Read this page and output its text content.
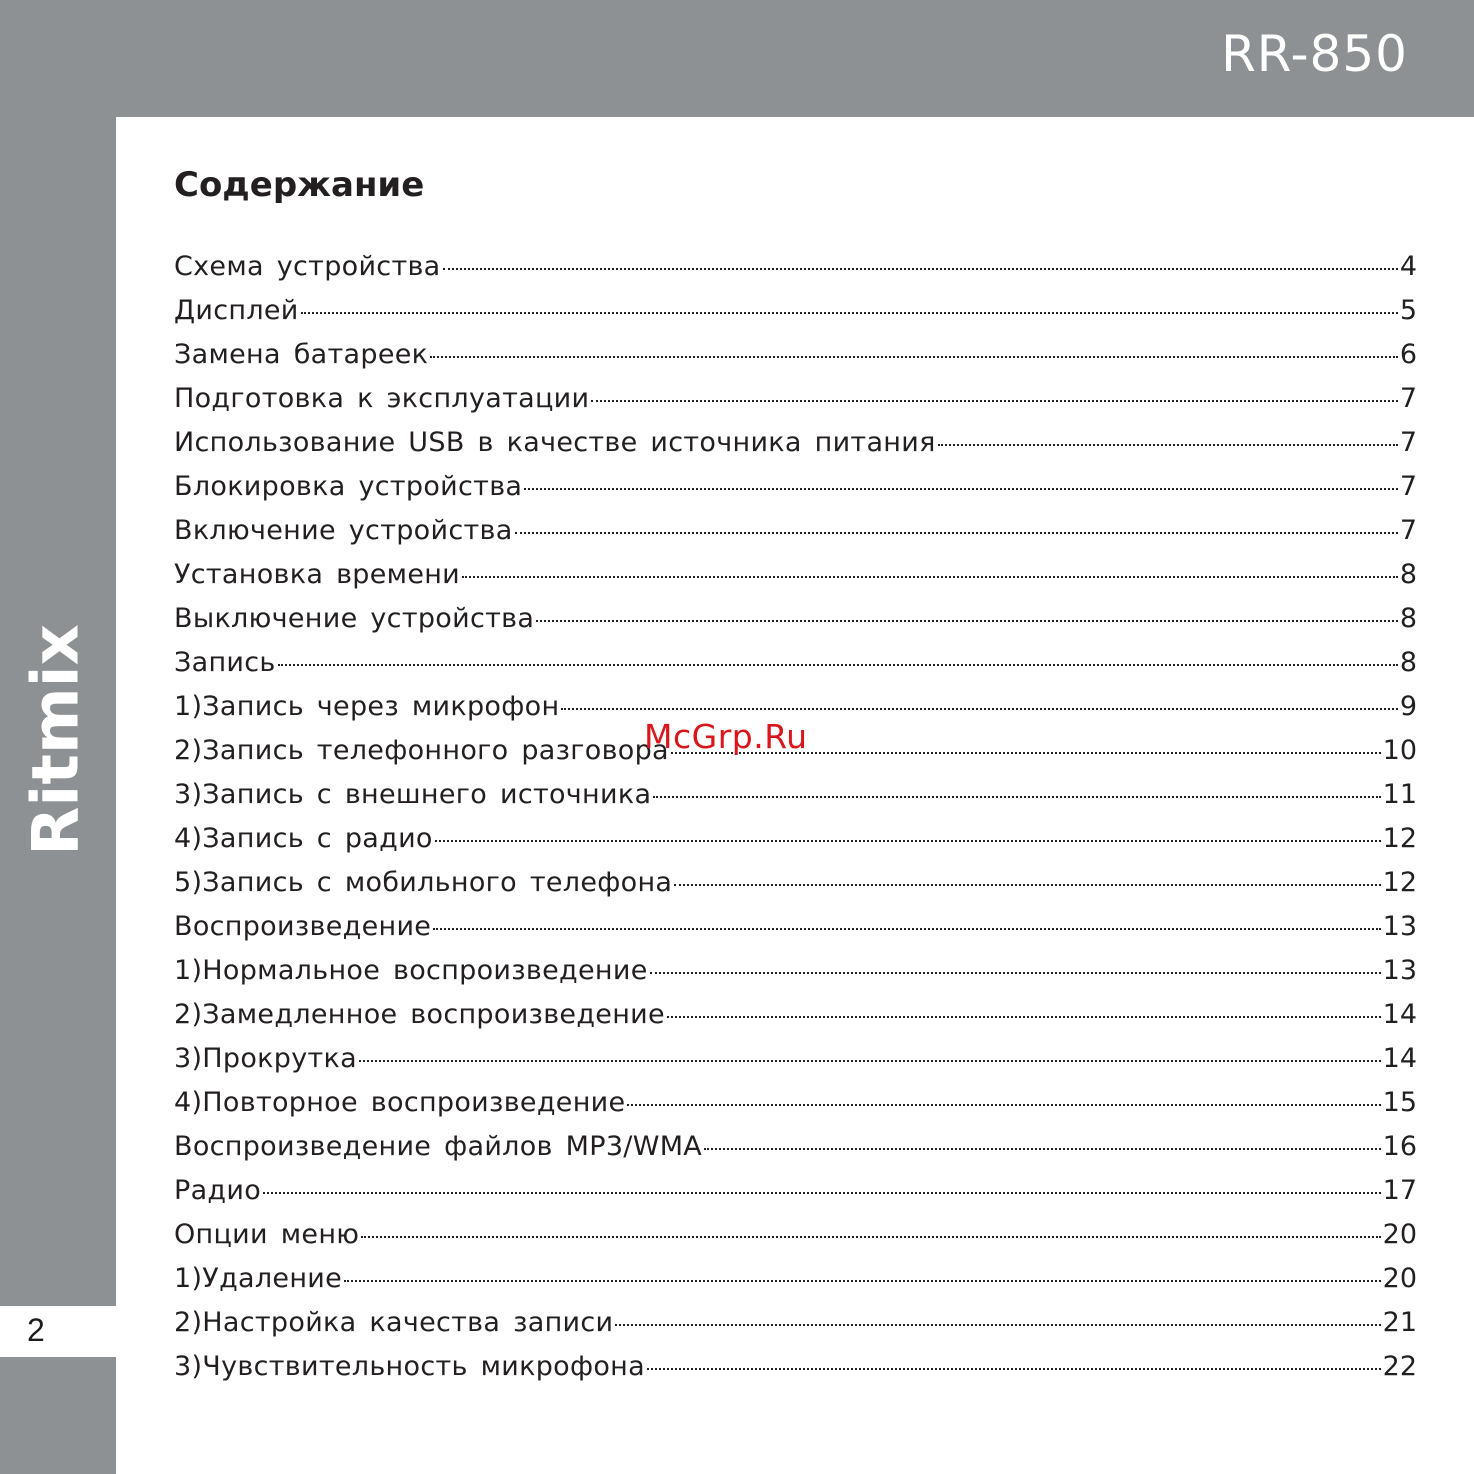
RR-850
Ritmix
2
Содержание
Схема устройства	4
Дисплей	5
Замена батареек	6
Подготовка к эксплуатации	7
Использование USB в качестве источника питания	7
Блокировка устройства	7
Включение устройства	7
Установка времени	8
Выключение устройства	8
Запись	8
1)Запись через микрофон	9
2)Запись телефонного разговора	10
3)Запись с внешнего источника	11
4)Запись с радио	12
5)Запись с мобильного телефона	12
Воспроизведение	13
1)Нормальное воспроизведение	13
2)Замедленное воспроизведение	14
3)Прокрутка	14
4)Повторное воспроизведение	15
Воспроизведение файлов MP3/WMA	16
Радио	17
Опции меню	20
1)Удаление	20
2)Настройка качества записи	21
3)Чувствительность микрофона	22
McGrp.Ru
